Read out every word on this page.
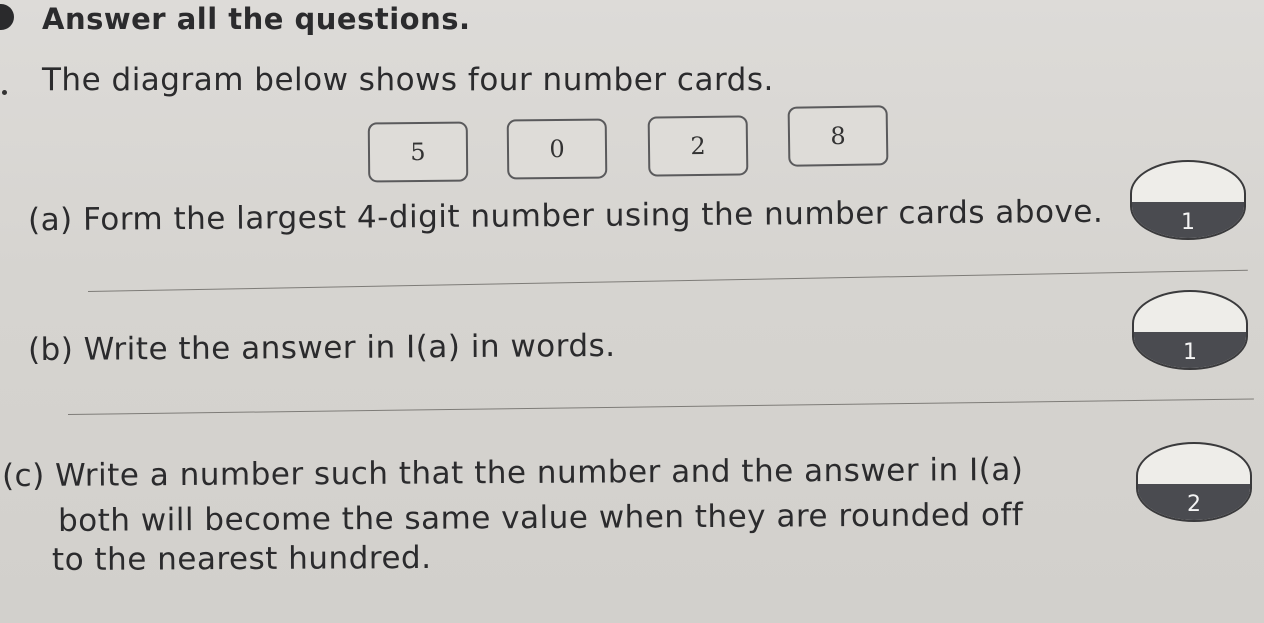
Answer all the questions.
The diagram below shows four number cards.
5	0	2	8
(a) Form the largest 4-digit number using the number cards above.	1
(b) Write the answer in I(a) in words.	1
(c) Write a number such that the number and the answer in I(a)
both will become the same value when they are rounded off
to the nearest hundred.
2
